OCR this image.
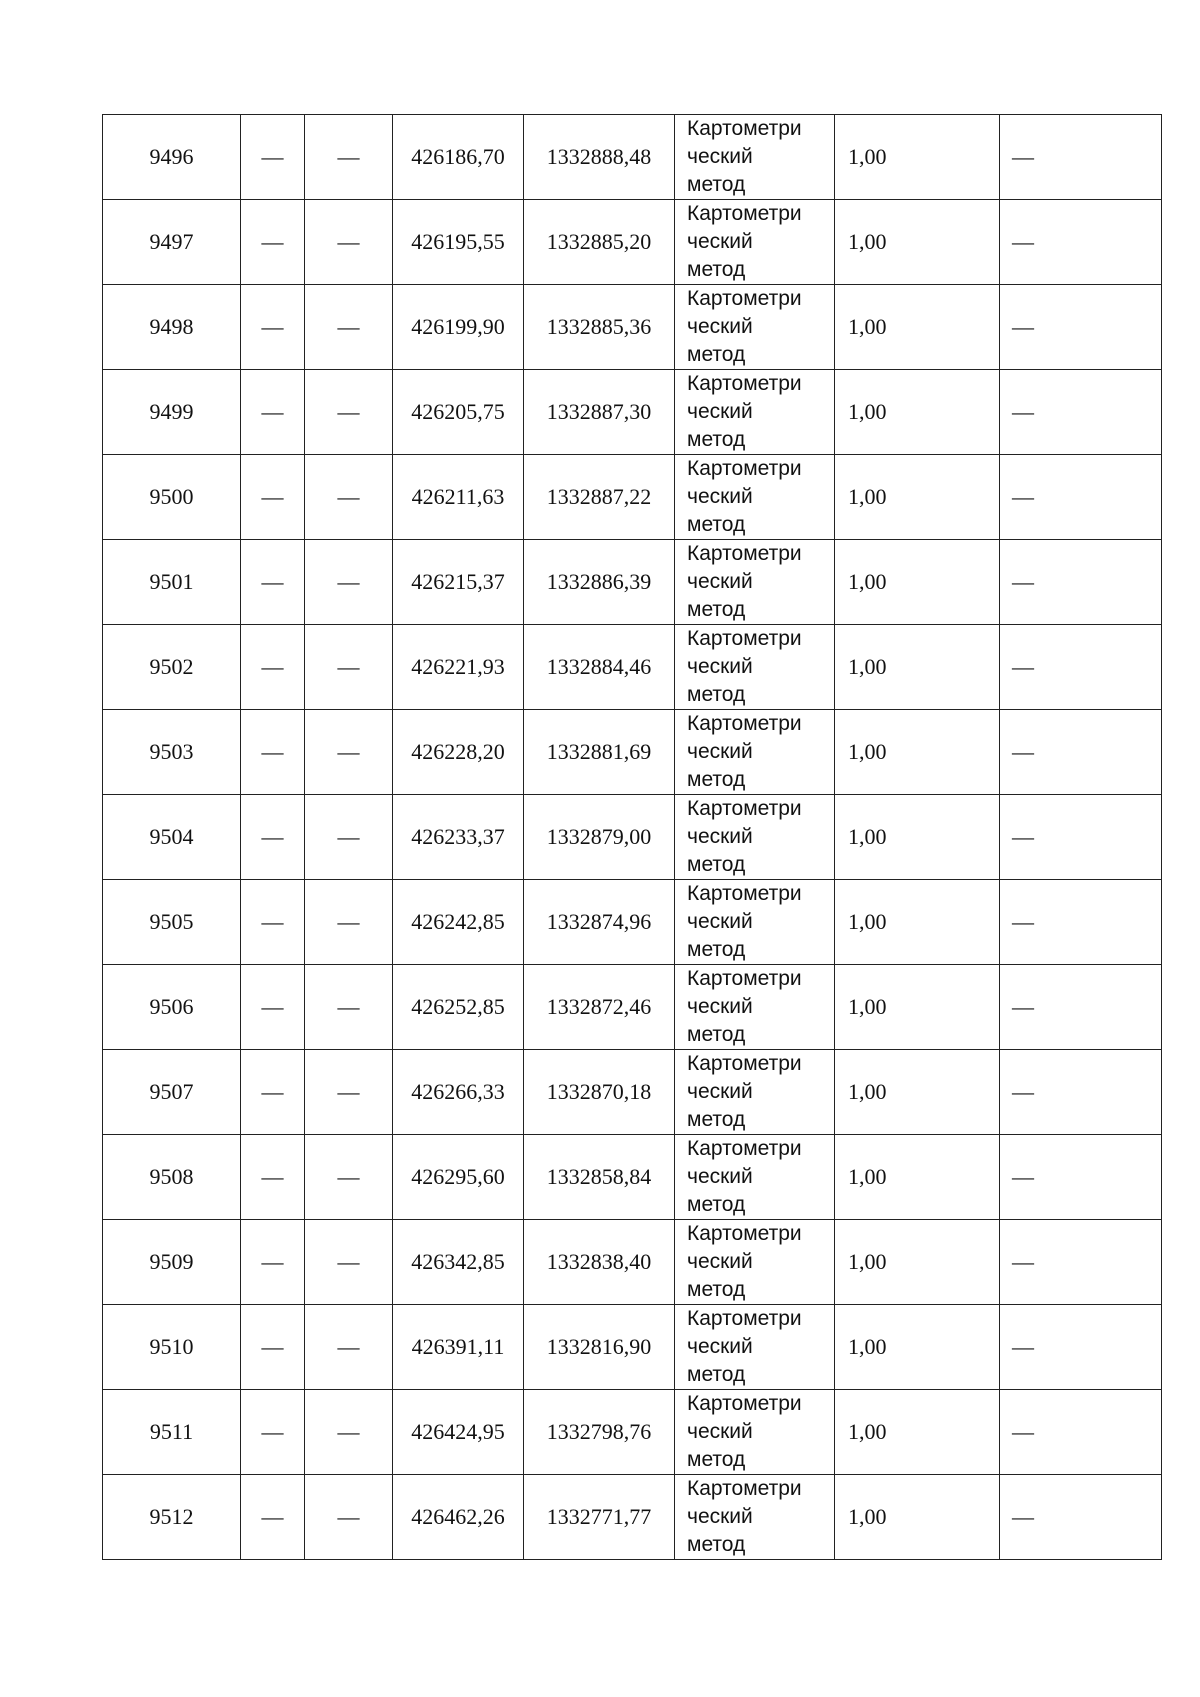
9496	—	—	426186,70	1332888,48	Картометри
ческий
метод	1,00	—
9497	—	—	426195,55	1332885,20	Картометри
ческий
метод	1,00	—
9498	—	—	426199,90	1332885,36	Картометри
ческий
метод	1,00	—
9499	—	—	426205,75	1332887,30	Картометри
ческий
метод	1,00	—
9500	—	—	426211,63	1332887,22	Картометри
ческий
метод	1,00	—
9501	—	—	426215,37	1332886,39	Картометри
ческий
метод	1,00	—
9502	—	—	426221,93	1332884,46	Картометри
ческий
метод	1,00	—
9503	—	—	426228,20	1332881,69	Картометри
ческий
метод	1,00	—
9504	—	—	426233,37	1332879,00	Картометри
ческий
метод	1,00	—
9505	—	—	426242,85	1332874,96	Картометри
ческий
метод	1,00	—
9506	—	—	426252,85	1332872,46	Картометри
ческий
метод	1,00	—
9507	—	—	426266,33	1332870,18	Картометри
ческий
метод	1,00	—
9508	—	—	426295,60	1332858,84	Картометри
ческий
метод	1,00	—
9509	—	—	426342,85	1332838,40	Картометри
ческий
метод	1,00	—
9510	—	—	426391,11	1332816,90	Картометри
ческий
метод	1,00	—
9511	—	—	426424,95	1332798,76	Картометри
ческий
метод	1,00	—
9512	—	—	426462,26	1332771,77	Картометри
ческий
метод	1,00	—
